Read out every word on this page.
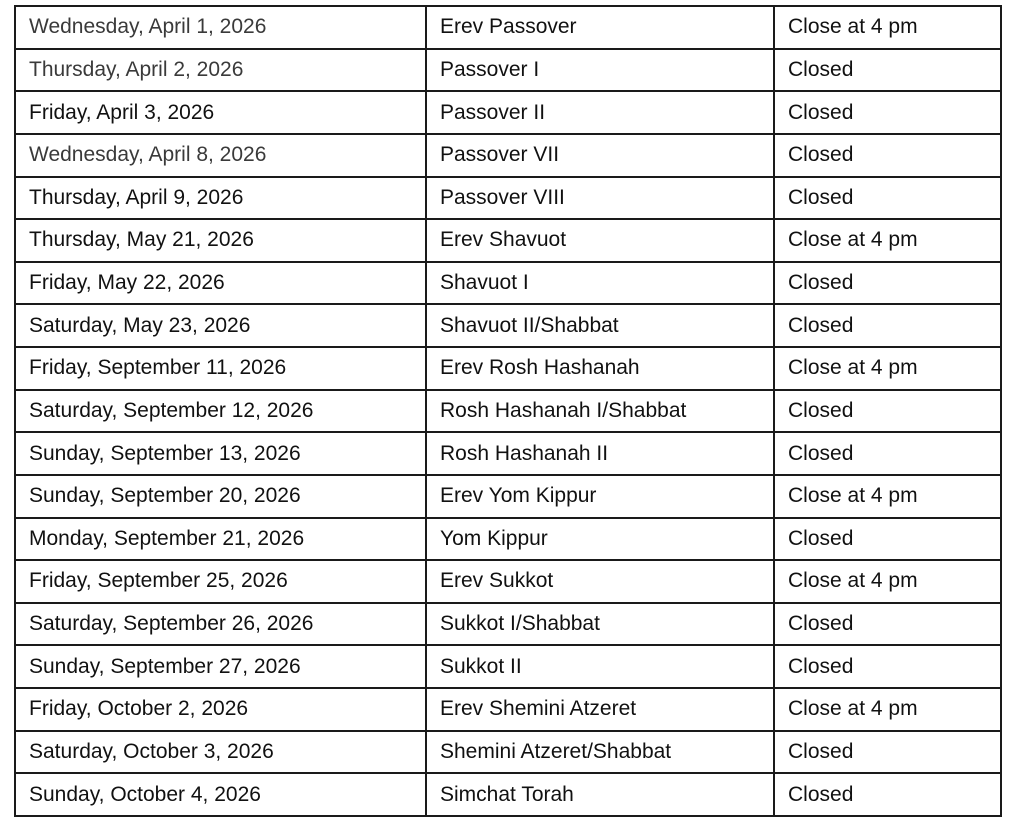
Wednesday, April 1, 2026	Erev Passover	Close at 4 pm
Thursday, April 2, 2026	Passover I	Closed
Friday, April 3, 2026	Passover II	Closed
Wednesday, April 8, 2026	Passover VII	Closed
Thursday, April 9, 2026	Passover VIII	Closed
Thursday, May 21, 2026	Erev Shavuot	Close at 4 pm
Friday, May 22, 2026	Shavuot I	Closed
Saturday, May 23, 2026	Shavuot II/Shabbat	Closed
Friday, September 11, 2026	Erev Rosh Hashanah	Close at 4 pm
Saturday, September 12, 2026	Rosh Hashanah I/Shabbat	Closed
Sunday, September 13, 2026	Rosh Hashanah II	Closed
Sunday, September 20, 2026	Erev Yom Kippur	Close at 4 pm
Monday, September 21, 2026	Yom Kippur	Closed
Friday, September 25, 2026	Erev Sukkot	Close at 4 pm
Saturday, September 26, 2026	Sukkot I/Shabbat	Closed
Sunday, September 27, 2026	Sukkot II	Closed
Friday, October 2, 2026	Erev Shemini Atzeret	Close at 4 pm
Saturday, October 3, 2026	Shemini Atzeret/Shabbat	Closed
Sunday, October 4, 2026	Simchat Torah	Closed
